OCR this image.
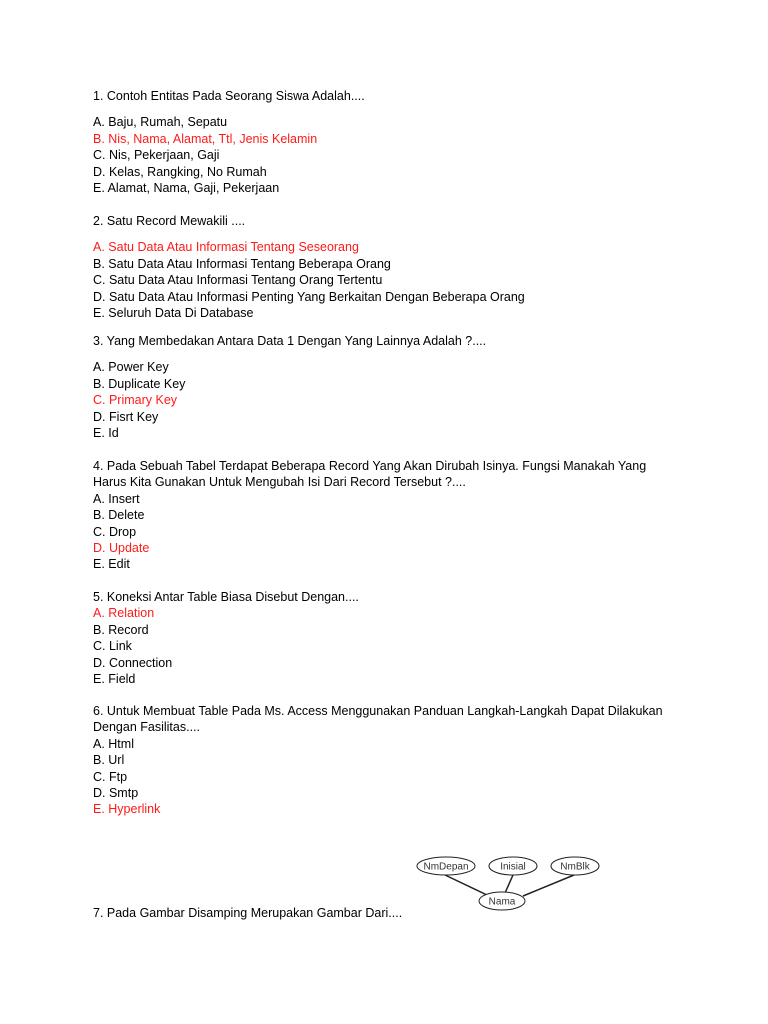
1. Contoh Entitas Pada Seorang Siswa Adalah....
A. Baju, Rumah, Sepatu
B. Nis, Nama, Alamat, Ttl, Jenis Kelamin
C. Nis, Pekerjaan, Gaji
D. Kelas, Rangking, No Rumah
E. Alamat, Nama, Gaji, Pekerjaan
2. Satu Record Mewakili ....
A. Satu Data Atau Informasi Tentang Seseorang
B. Satu Data Atau Informasi Tentang Beberapa Orang
C. Satu Data Atau Informasi Tentang Orang Tertentu
D. Satu Data Atau Informasi Penting Yang Berkaitan Dengan Beberapa Orang
E. Seluruh Data Di Database
3. Yang Membedakan Antara Data 1 Dengan Yang Lainnya Adalah ?....
A. Power Key
B. Duplicate Key
C. Primary Key
D. Fisrt Key
E. Id
4. Pada Sebuah Tabel Terdapat Beberapa Record Yang Akan Dirubah Isinya. Fungsi Manakah Yang
Harus Kita Gunakan Untuk Mengubah Isi Dari Record Tersebut ?....
A. Insert
B. Delete
C. Drop
D. Update
E. Edit
5. Koneksi Antar Table Biasa Disebut Dengan....
A. Relation
B. Record
C. Link
D. Connection
E. Field
6. Untuk Membuat Table Pada Ms. Access Menggunakan Panduan Langkah-Langkah Dapat Dilakukan
Dengan Fasilitas....
A. Html
B. Url
C. Ftp
D. Smtp
E. Hyperlink
7. Pada Gambar Disamping Merupakan Gambar Dari....
NmDepan	Inisial	NmBlk
Nama
